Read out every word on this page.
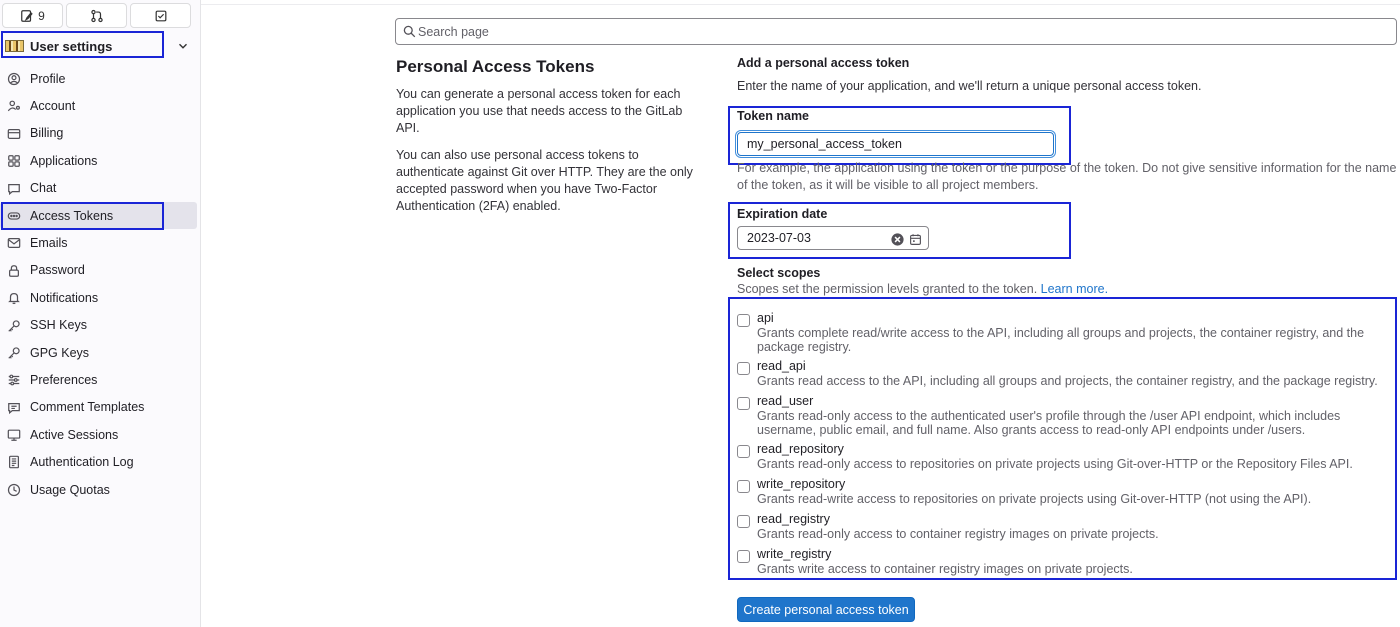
9
User settings
Profile
Account
Billing
Applications
Chat
Access Tokens
Emails
Password
Notifications
SSH Keys
GPG Keys
Preferences
Comment Templates
Active Sessions
Authentication Log
Usage Quotas
Search page
Personal Access Tokens

You can generate a personal access token for each application you use that needs access to the GitLab API.

You can also use personal access tokens to authenticate against Git over HTTP. They are the only accepted password when you have Two-Factor Authentication (2FA) enabled.

Add a personal access token
Enter the name of your application, and we'll return a unique personal access token.
Token name
my_personal_access_token
For example, the application using the token or the purpose of the token. Do not give sensitive information for the name of the token, as it will be visible to all project members.
Expiration date
2023-07-03
Select scopes
Scopes set the permission levels granted to the token. Learn more.
api
Grants complete read/write access to the API, including all groups and projects, the container registry, and the package registry.
read_api
Grants read access to the API, including all groups and projects, the container registry, and the package registry.
read_user
Grants read-only access to the authenticated user's profile through the /user API endpoint, which includes username, public email, and full name. Also grants access to read-only API endpoints under /users.
read_repository
Grants read-only access to repositories on private projects using Git-over-HTTP or the Repository Files API.
write_repository
Grants read-write access to repositories on private projects using Git-over-HTTP (not using the API).
read_registry
Grants read-only access to container registry images on private projects.
write_registry
Grants write access to container registry images on private projects.
Create personal access token
